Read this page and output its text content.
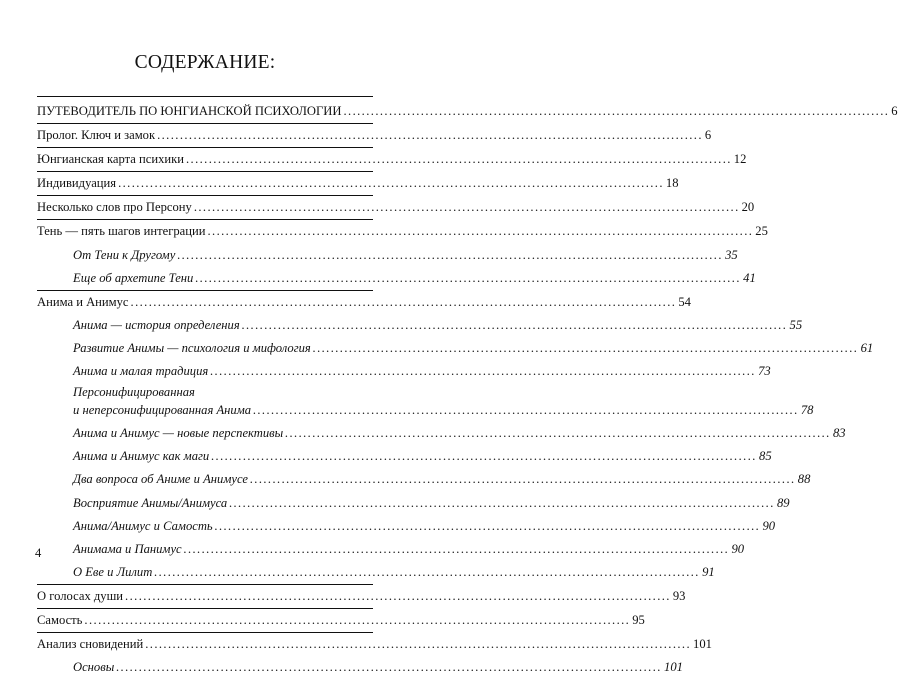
СОДЕРЖАНИЕ:
ПУТЕВОДИТЕЛЬ ПО ЮНГИАНСКОЙ ПСИХОЛОГИИ ........................................................................................................................ 6
Пролог. Ключ и замок ........................................................................................................................ 6
Юнгианская карта психики ........................................................................................................................ 12
Индивидуация ........................................................................................................................ 18
Несколько слов про Персону ........................................................................................................................ 20
Тень — пять шагов интеграции ........................................................................................................................ 25
От Тени к Другому ........................................................................................................................ 35
Еще об архетипе Тени ........................................................................................................................ 41
Анима и Анимус ........................................................................................................................ 54
Анима — история определения ........................................................................................................................ 55
Развитие Анимы — психология и мифология ........................................................................................................................ 61
Анима и малая традиция ........................................................................................................................ 73
Персонифицированная
и неперсонифицированная Анима ........................................................................................................................ 78
Анима и Анимус — новые перспективы ........................................................................................................................ 83
Анима и Анимус как маги ........................................................................................................................ 85
Два вопроса об Аниме и Анимусе ........................................................................................................................ 88
Восприятие Анимы/Анимуса ........................................................................................................................ 89
Анима/Анимус и Самость ........................................................................................................................ 90
Анимама и Панимус ........................................................................................................................ 90
О Еве и Лилит ........................................................................................................................ 91
О голосах души ........................................................................................................................ 93
Самость ........................................................................................................................ 95
Анализ сновидений ........................................................................................................................ 101
Основы ........................................................................................................................ 101
4
